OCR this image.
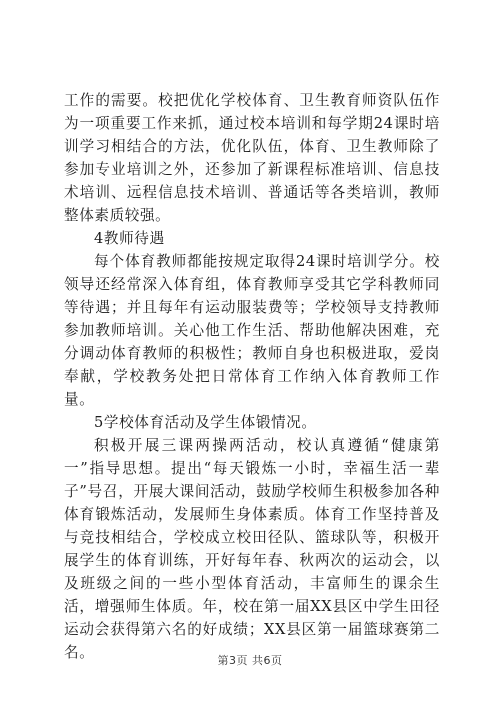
工作的需要。校把优化学校体育、卫生教育师资队伍作为一项重要工作来抓，通过校本培训和每学期24课时培训学习相结合的方法，优化队伍，体育、卫生教师除了参加专业培训之外，还参加了新课程标准培训、信息技术培训、远程信息技术培训、普通话等各类培训，教师整体素质较强。

4教师待遇

每个体育教师都能按规定取得24课时培训学分。校领导还经常深入体育组，体育教师享受其它学科教师同等待遇；并且每年有运动服装费等；学校领导支持教师参加教师培训。关心他工作生活、帮助他解决困难，充分调动体育教师的积极性；教师自身也积极进取，爱岗奉献，学校教务处把日常体育工作纳入体育教师工作量。

5学校体育活动及学生体锻情况。

积极开展三课两操两活动，校认真遵循“健康第一”指导思想。提出“每天锻炼一小时，幸福生活一辈子”号召，开展大课间活动，鼓励学校师生积极参加各种体育锻炼活动，发展师生身体素质。体育工作坚持普及与竞技相结合，学校成立校田径队、篮球队等，积极开展学生的体育训练，开好每年春、秋两次的运动会，以及班级之间的一些小型体育活动，丰富师生的课余生活，增强师生体质。年，校在第一届XX县区中学生田径运动会获得第六名的好成绩；XX县区第一届篮球赛第二名。	第3页 共6页
